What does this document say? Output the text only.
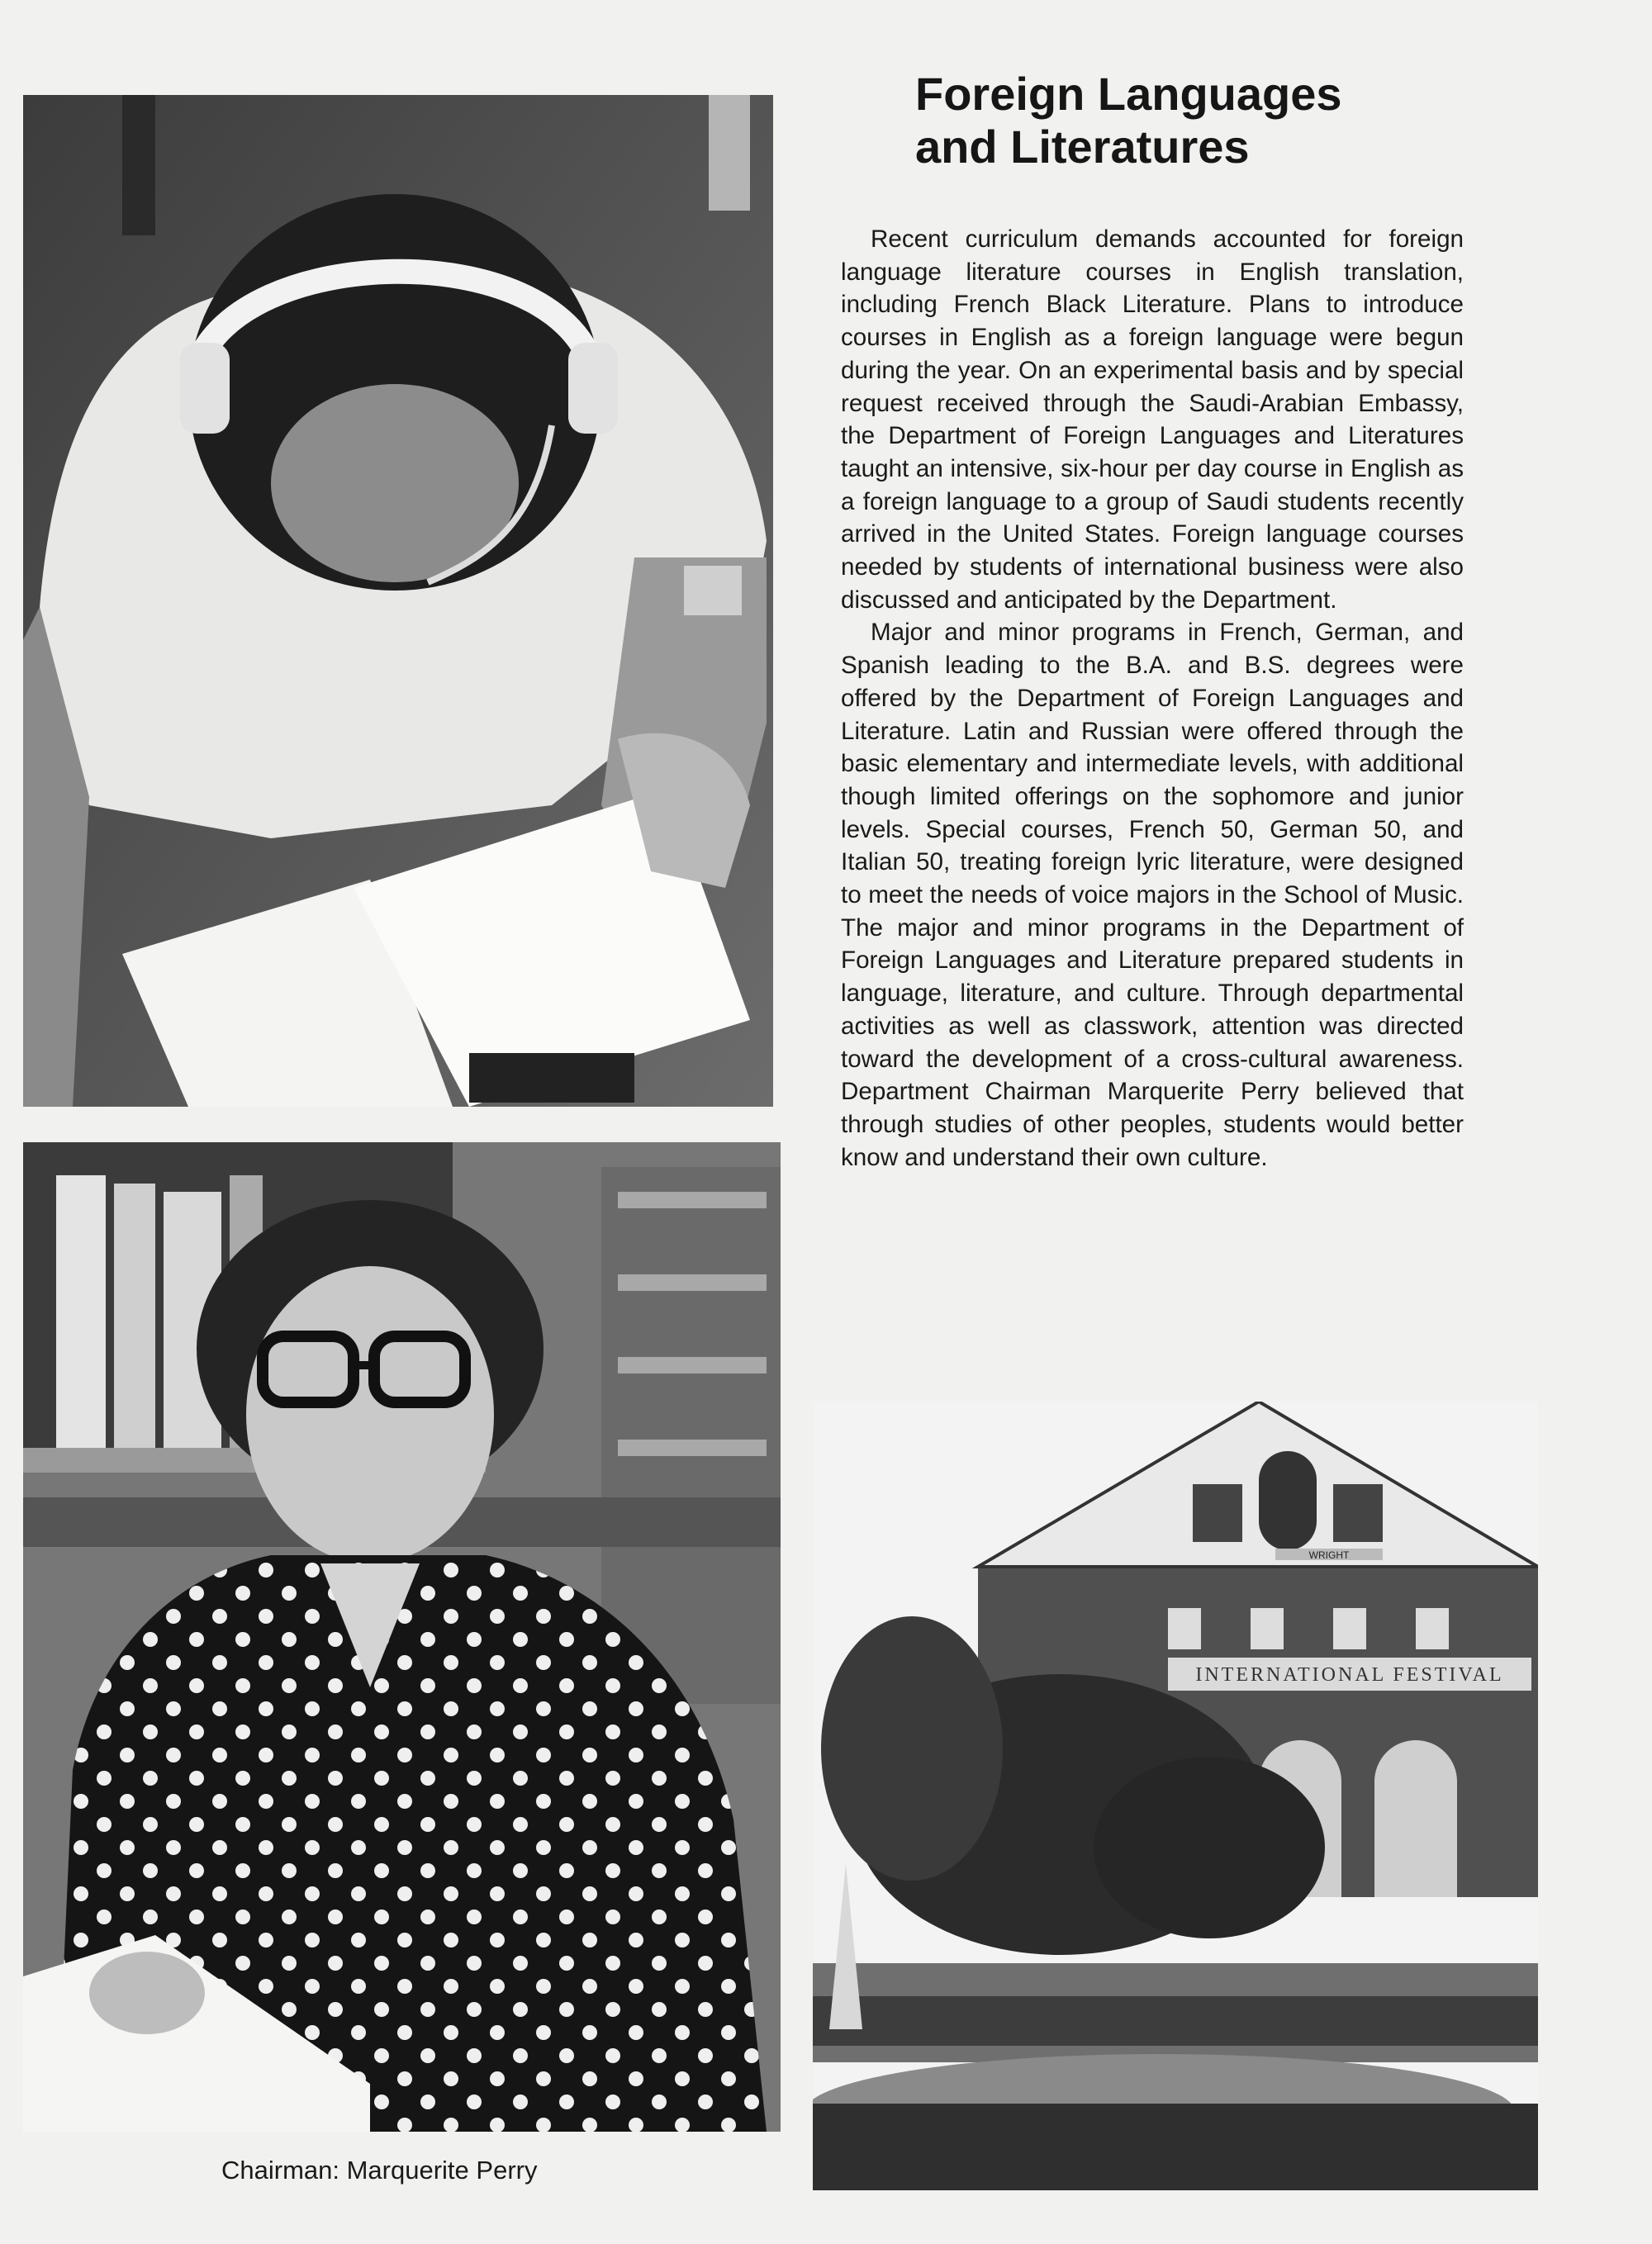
Foreign Languages
and Literatures

Recent curriculum demands accounted for foreign language literature courses in English translation, including French Black Literature. Plans to introduce courses in English as a foreign language were begun during the year. On an experimental basis and by special request received through the Saudi-Arabian Embassy, the Department of Foreign Languages and Literatures taught an intensive, six-hour per day course in English as a foreign language to a group of Saudi students recently arrived in the United States. Foreign language courses needed by students of international business were also discussed and anticipated by the Department.

Major and minor programs in French, German, and Spanish leading to the B.A. and B.S. degrees were offered by the Department of Foreign Languages and Literature. Latin and Russian were offered through the basic elementary and intermediate levels, with additional though limited offerings on the sophomore and junior levels. Special courses, French 50, German 50, and Italian 50, treating foreign lyric literature, were designed to meet the needs of voice majors in the School of Music. The major and minor programs in the Department of Foreign Languages and Literature prepared students in language, literature, and culture. Through departmental activities as well as classwork, attention was directed toward the development of a cross-cultural awareness. Department Chairman Marquerite Perry believed that through studies of other peoples, students would better know and understand their own culture.

Chairman: Marquerite Perry

WRIGHT
INTERNATIONAL FESTIVAL
